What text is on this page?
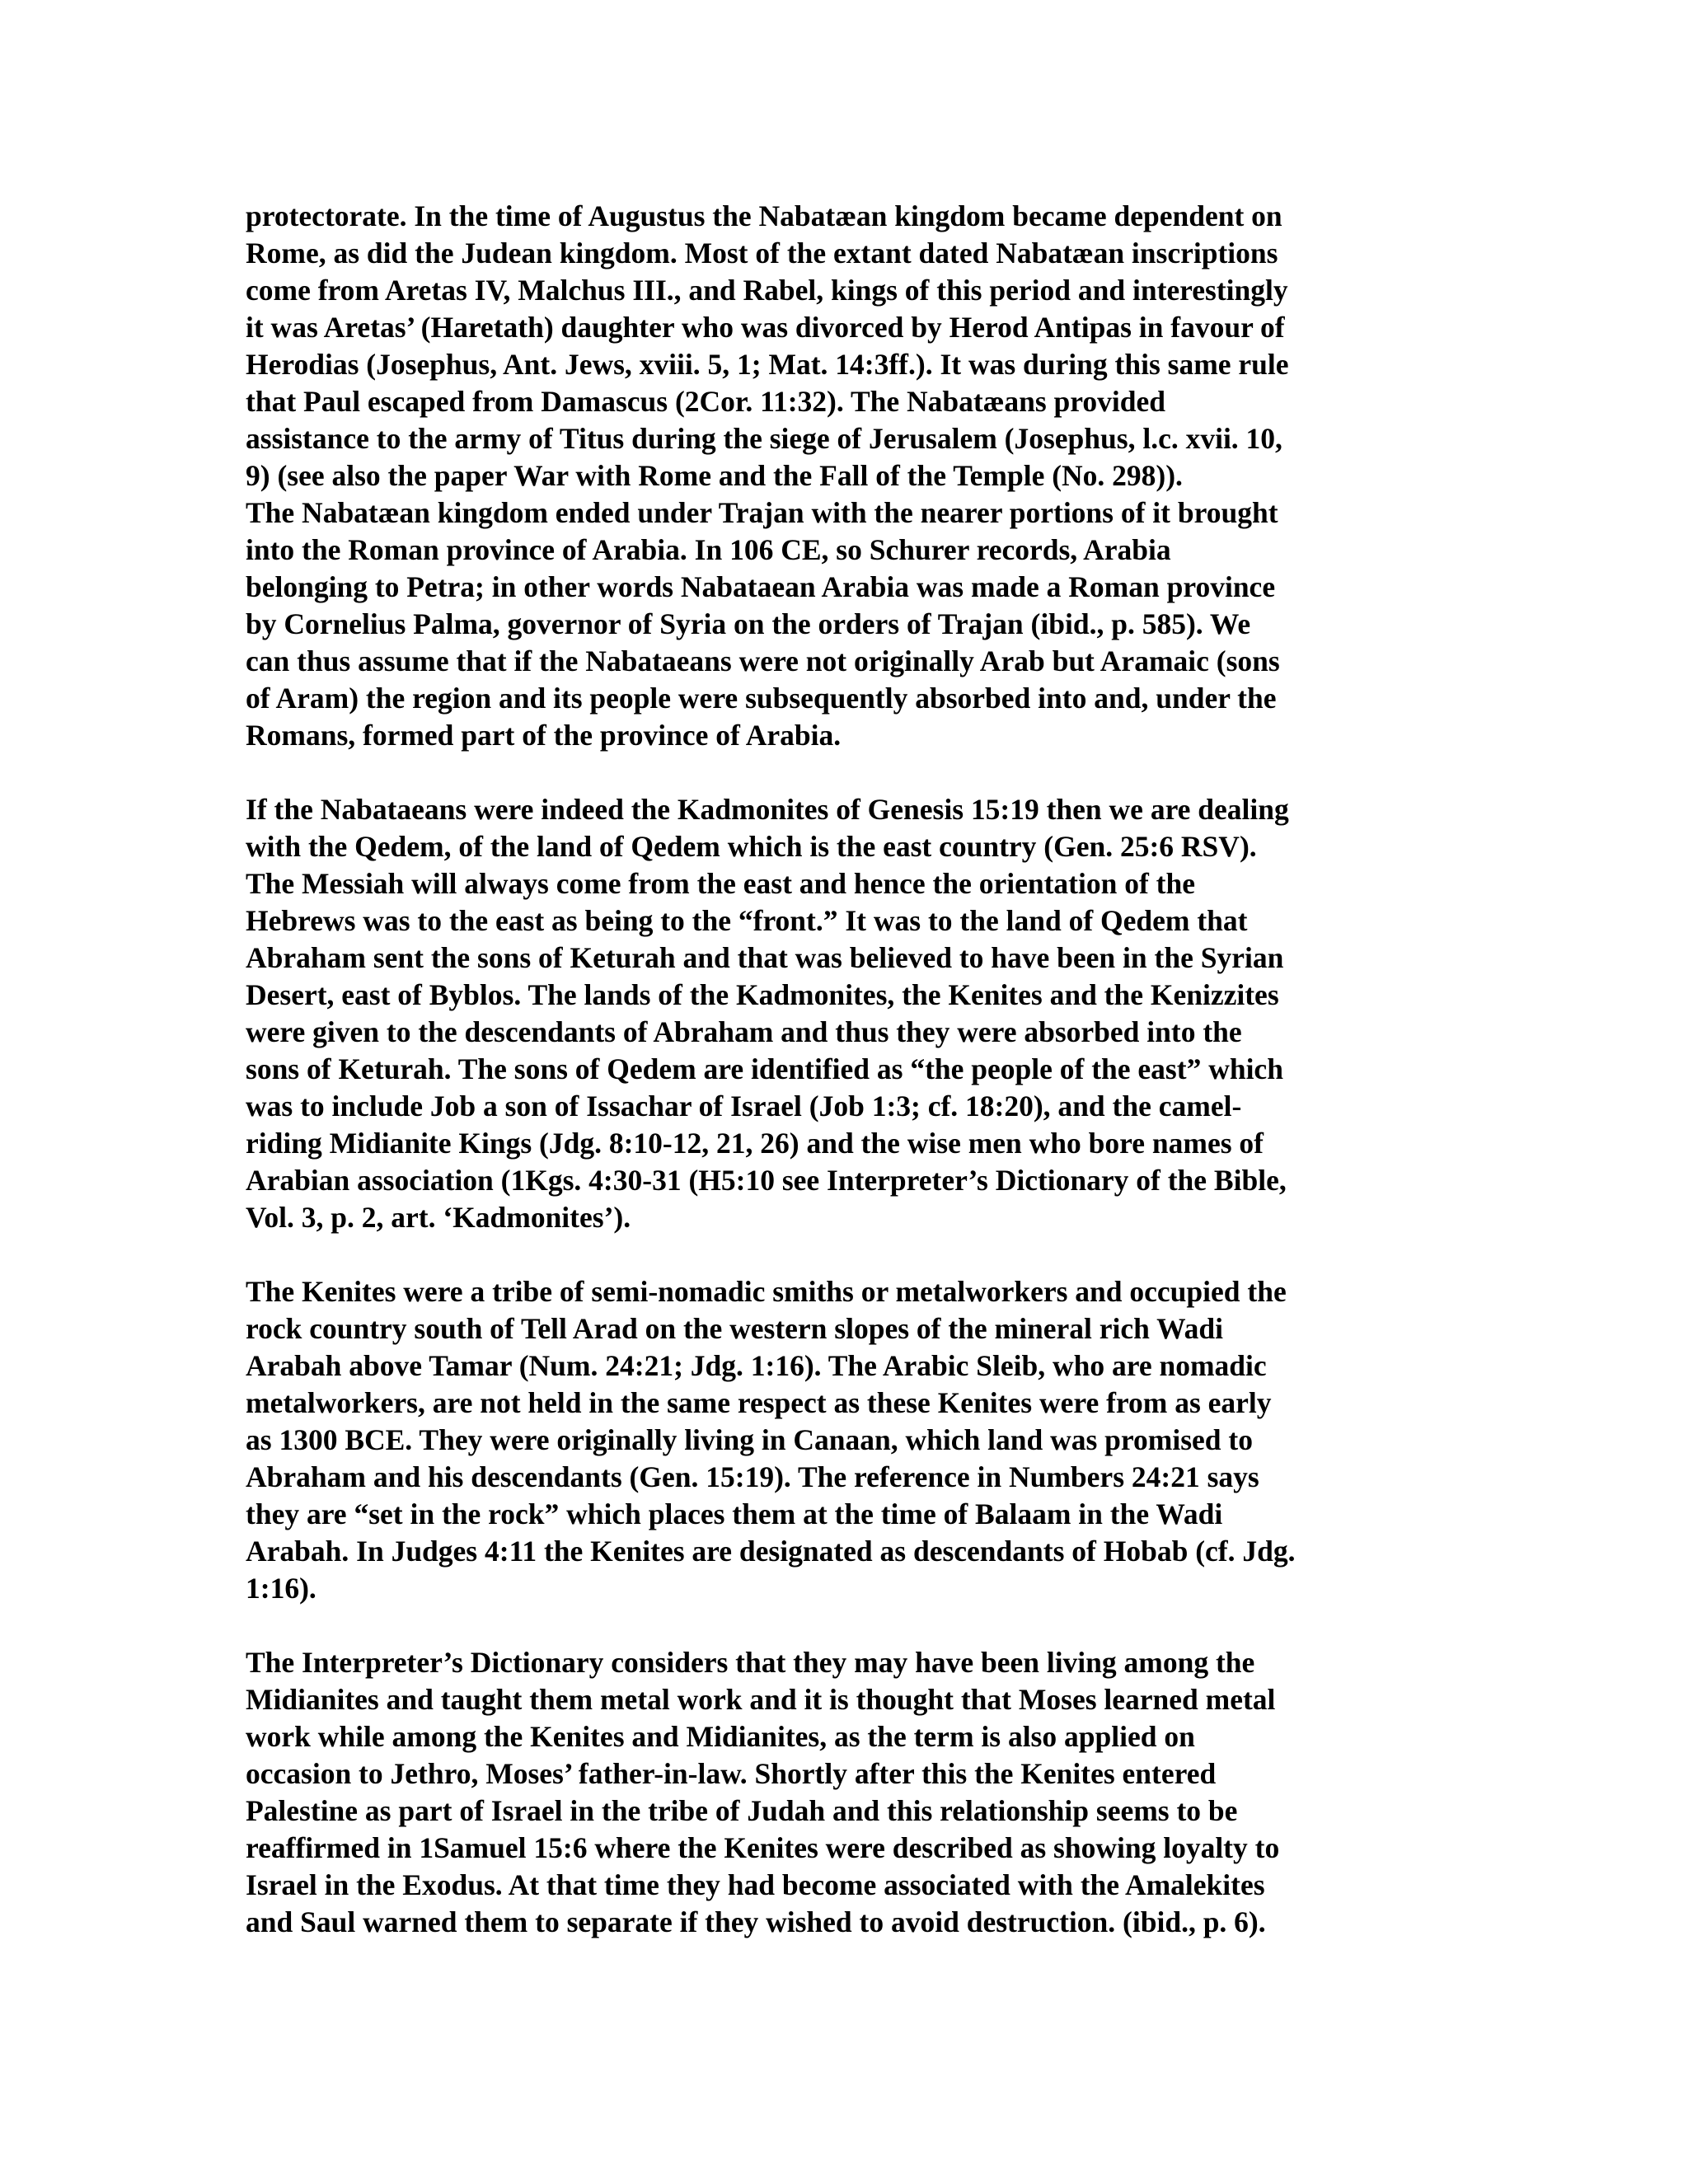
protectorate. In the time of Augustus the Nabatæan kingdom became dependent on
Rome, as did the Judean kingdom. Most of the extant dated Nabatæan inscriptions
come from Aretas IV, Malchus III., and Rabel, kings of this period and interestingly
it was Aretas’ (Haretath) daughter who was divorced by Herod Antipas in favour of
Herodias (Josephus, Ant. Jews, xviii. 5, 1; Mat. 14:3ff.). It was during this same rule
that Paul escaped from Damascus (2Cor. 11:32). The Nabatæans provided
assistance to the army of Titus during the siege of Jerusalem (Josephus, l.c. xvii. 10,
9) (see also the paper War with Rome and the Fall of the Temple (No. 298)).
The Nabatæan kingdom ended under Trajan with the nearer portions of it brought
into the Roman province of Arabia. In 106 CE, so Schurer records, Arabia
belonging to Petra; in other words Nabataean Arabia was made a Roman province
by Cornelius Palma, governor of Syria on the orders of Trajan (ibid., p. 585). We
can thus assume that if the Nabataeans were not originally Arab but Aramaic (sons
of Aram) the region and its people were subsequently absorbed into and, under the
Romans, formed part of the province of Arabia.
If the Nabataeans were indeed the Kadmonites of Genesis 15:19 then we are dealing
with the Qedem, of the land of Qedem which is the east country (Gen. 25:6 RSV).
The Messiah will always come from the east and hence the orientation of the
Hebrews was to the east as being to the “front.” It was to the land of Qedem that
Abraham sent the sons of Keturah and that was believed to have been in the Syrian
Desert, east of Byblos. The lands of the Kadmonites, the Kenites and the Kenizzites
were given to the descendants of Abraham and thus they were absorbed into the
sons of Keturah. The sons of Qedem are identified as “the people of the east” which
was to include Job a son of Issachar of Israel (Job 1:3; cf. 18:20), and the camel-
riding Midianite Kings (Jdg. 8:10-12, 21, 26) and the wise men who bore names of
Arabian association (1Kgs. 4:30-31 (H5:10 see Interpreter’s Dictionary of the Bible,
Vol. 3, p. 2, art. ‘Kadmonites’).
The Kenites were a tribe of semi-nomadic smiths or metalworkers and occupied the
rock country south of Tell Arad on the western slopes of the mineral rich Wadi
Arabah above Tamar (Num. 24:21; Jdg. 1:16). The Arabic Sleib, who are nomadic
metalworkers, are not held in the same respect as these Kenites were from as early
as 1300 BCE. They were originally living in Canaan, which land was promised to
Abraham and his descendants (Gen. 15:19). The reference in Numbers 24:21 says
they are “set in the rock” which places them at the time of Balaam in the Wadi
Arabah. In Judges 4:11 the Kenites are designated as descendants of Hobab (cf. Jdg.
1:16).
The Interpreter’s Dictionary considers that they may have been living among the
Midianites and taught them metal work and it is thought that Moses learned metal
work while among the Kenites and Midianites, as the term is also applied on
occasion to Jethro, Moses’ father-in-law. Shortly after this the Kenites entered
Palestine as part of Israel in the tribe of Judah and this relationship seems to be
reaffirmed in 1Samuel 15:6 where the Kenites were described as showing loyalty to
Israel in the Exodus. At that time they had become associated with the Amalekites
and Saul warned them to separate if they wished to avoid destruction. (ibid., p. 6).
